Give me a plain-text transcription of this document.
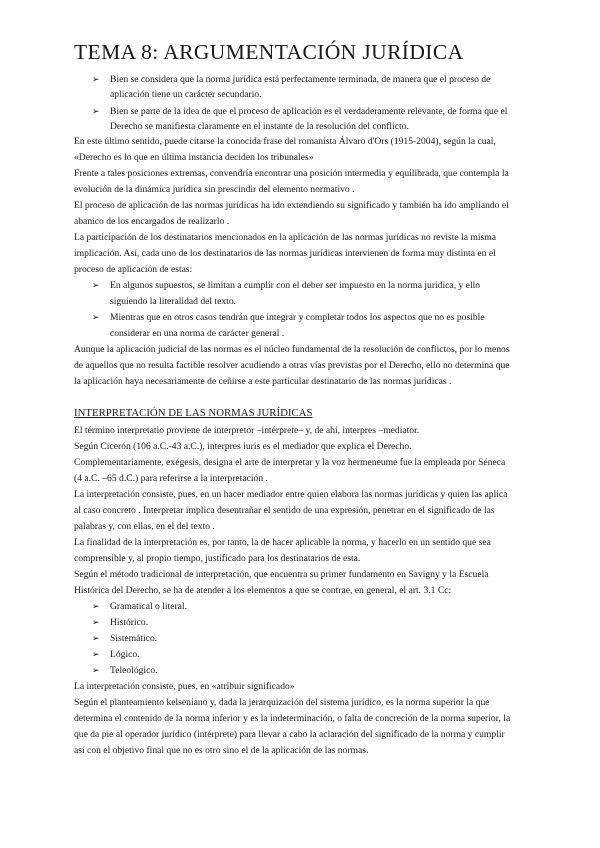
TEMA 8: ARGUMENTACIÓN JURÍDICA
➢ Bien se considera que la norma jurídica está perfectamente terminada, de manera que el proceso de
aplicación tiene un carácter secundario.
➢ Bien se parte de la idea de que el proceso de aplicación es el verdaderamente relevante, de forma que el
Derecho se manifiesta claramente en el instante de la resolución del conflicto.
En este último sentido, puede citarse la conocida frase del romanista Álvaro d'Ors (1915-2004), según la cual,
«Derecho es lo que en última instancia deciden los tribunales»
Frente a tales posiciones extremas, convendría encontrar una posición intermedia y equilibrada, que contempla la
evolución de la dinámica jurídica sin prescindir del elemento normativo .
El proceso de aplicación de las normas jurídicas ha ido extendiendo su significado y también ha ido ampliando el
abanico de los encargados de realizarlo .
La participación de los destinatarios mencionados en la aplicación de las normas jurídicas no reviste la misma
implicación. Así, cada uno de los destinatarios de las normas jurídicas intervienen de forma muy distinta en el
proceso de aplicación de estas:
➢ En algunos supuestos, se limitan a cumplir con el deber ser impuesto en la norma jurídica, y ello
siguiendo la literalidad del texto.
➢ Mientras que en otros casos tendrán que integrar y completar todos los aspectos que no es posible
considerar en una norma de carácter general .
Aunque la aplicación judicial de las normas es el núcleo fundamental de la resolución de conflictos, por lo menos
de aquellos que no resulta factible resolver acudiendo a otras vías previstas por el Derecho, ello no determina que
la aplicación haya necesariamente de ceñirse a este particular destinatario de las normas jurídicas .
INTERPRETACIÓN DE LAS NORMAS JURÍDICAS
El término interpretatio proviene de interpretor –intérprete– y, de ahí, interpres –mediator.
Según Cicerón (106 a.C.-43 a.C.), interpres iuris es el mediador que explica el Derecho.
Complementariamente, exégesis, designa el arte de interpretar y la voz hermeneume fue la empleada por Séneca
(4 a.C. –65 d.C.) para referirse a la interpretación .
La interpretación consiste, pues, en un hacer mediador entre quien elabora las normas jurídicas y quien las aplica
al caso concreto . Interpretar implica desentrañar el sentido de una expresión, penetrar en el significado de las
palabras y, con ellas, en el del texto .
La finalidad de la interpretación es, por tanto, la de hacer aplicable la norma, y hacerlo en un sentido que sea
comprensible y, al propio tiempo, justificado para los destinatarios de esta.
Según el método tradicional de interpretación, que encuentra su primer fundamento en Savigny y la Escuela
Histórica del Derecho, se ha de atender a los elementos a que se contrae, en general, el art. 3.1 Cc:
➢ Gramatical o literal.
➢ Histórico.
➢ Sistemático.
➢ Lógico.
➢ Teleológico.
La interpretación consiste, pues, en «atribuir significado»
Según el planteamiento kelseniano y, dada la jerarquización del sistema jurídico, es la norma superior la que
determina el contenido de la norma inferior y es la indeterminación, o falta de concreción de la norma superior, la
que da pie al operador jurídico (intérprete) para llevar a cabo la aclaración del significado de la norma y cumplir
así con el objetivo final que no es otro sino el de la aplicación de las normas.
